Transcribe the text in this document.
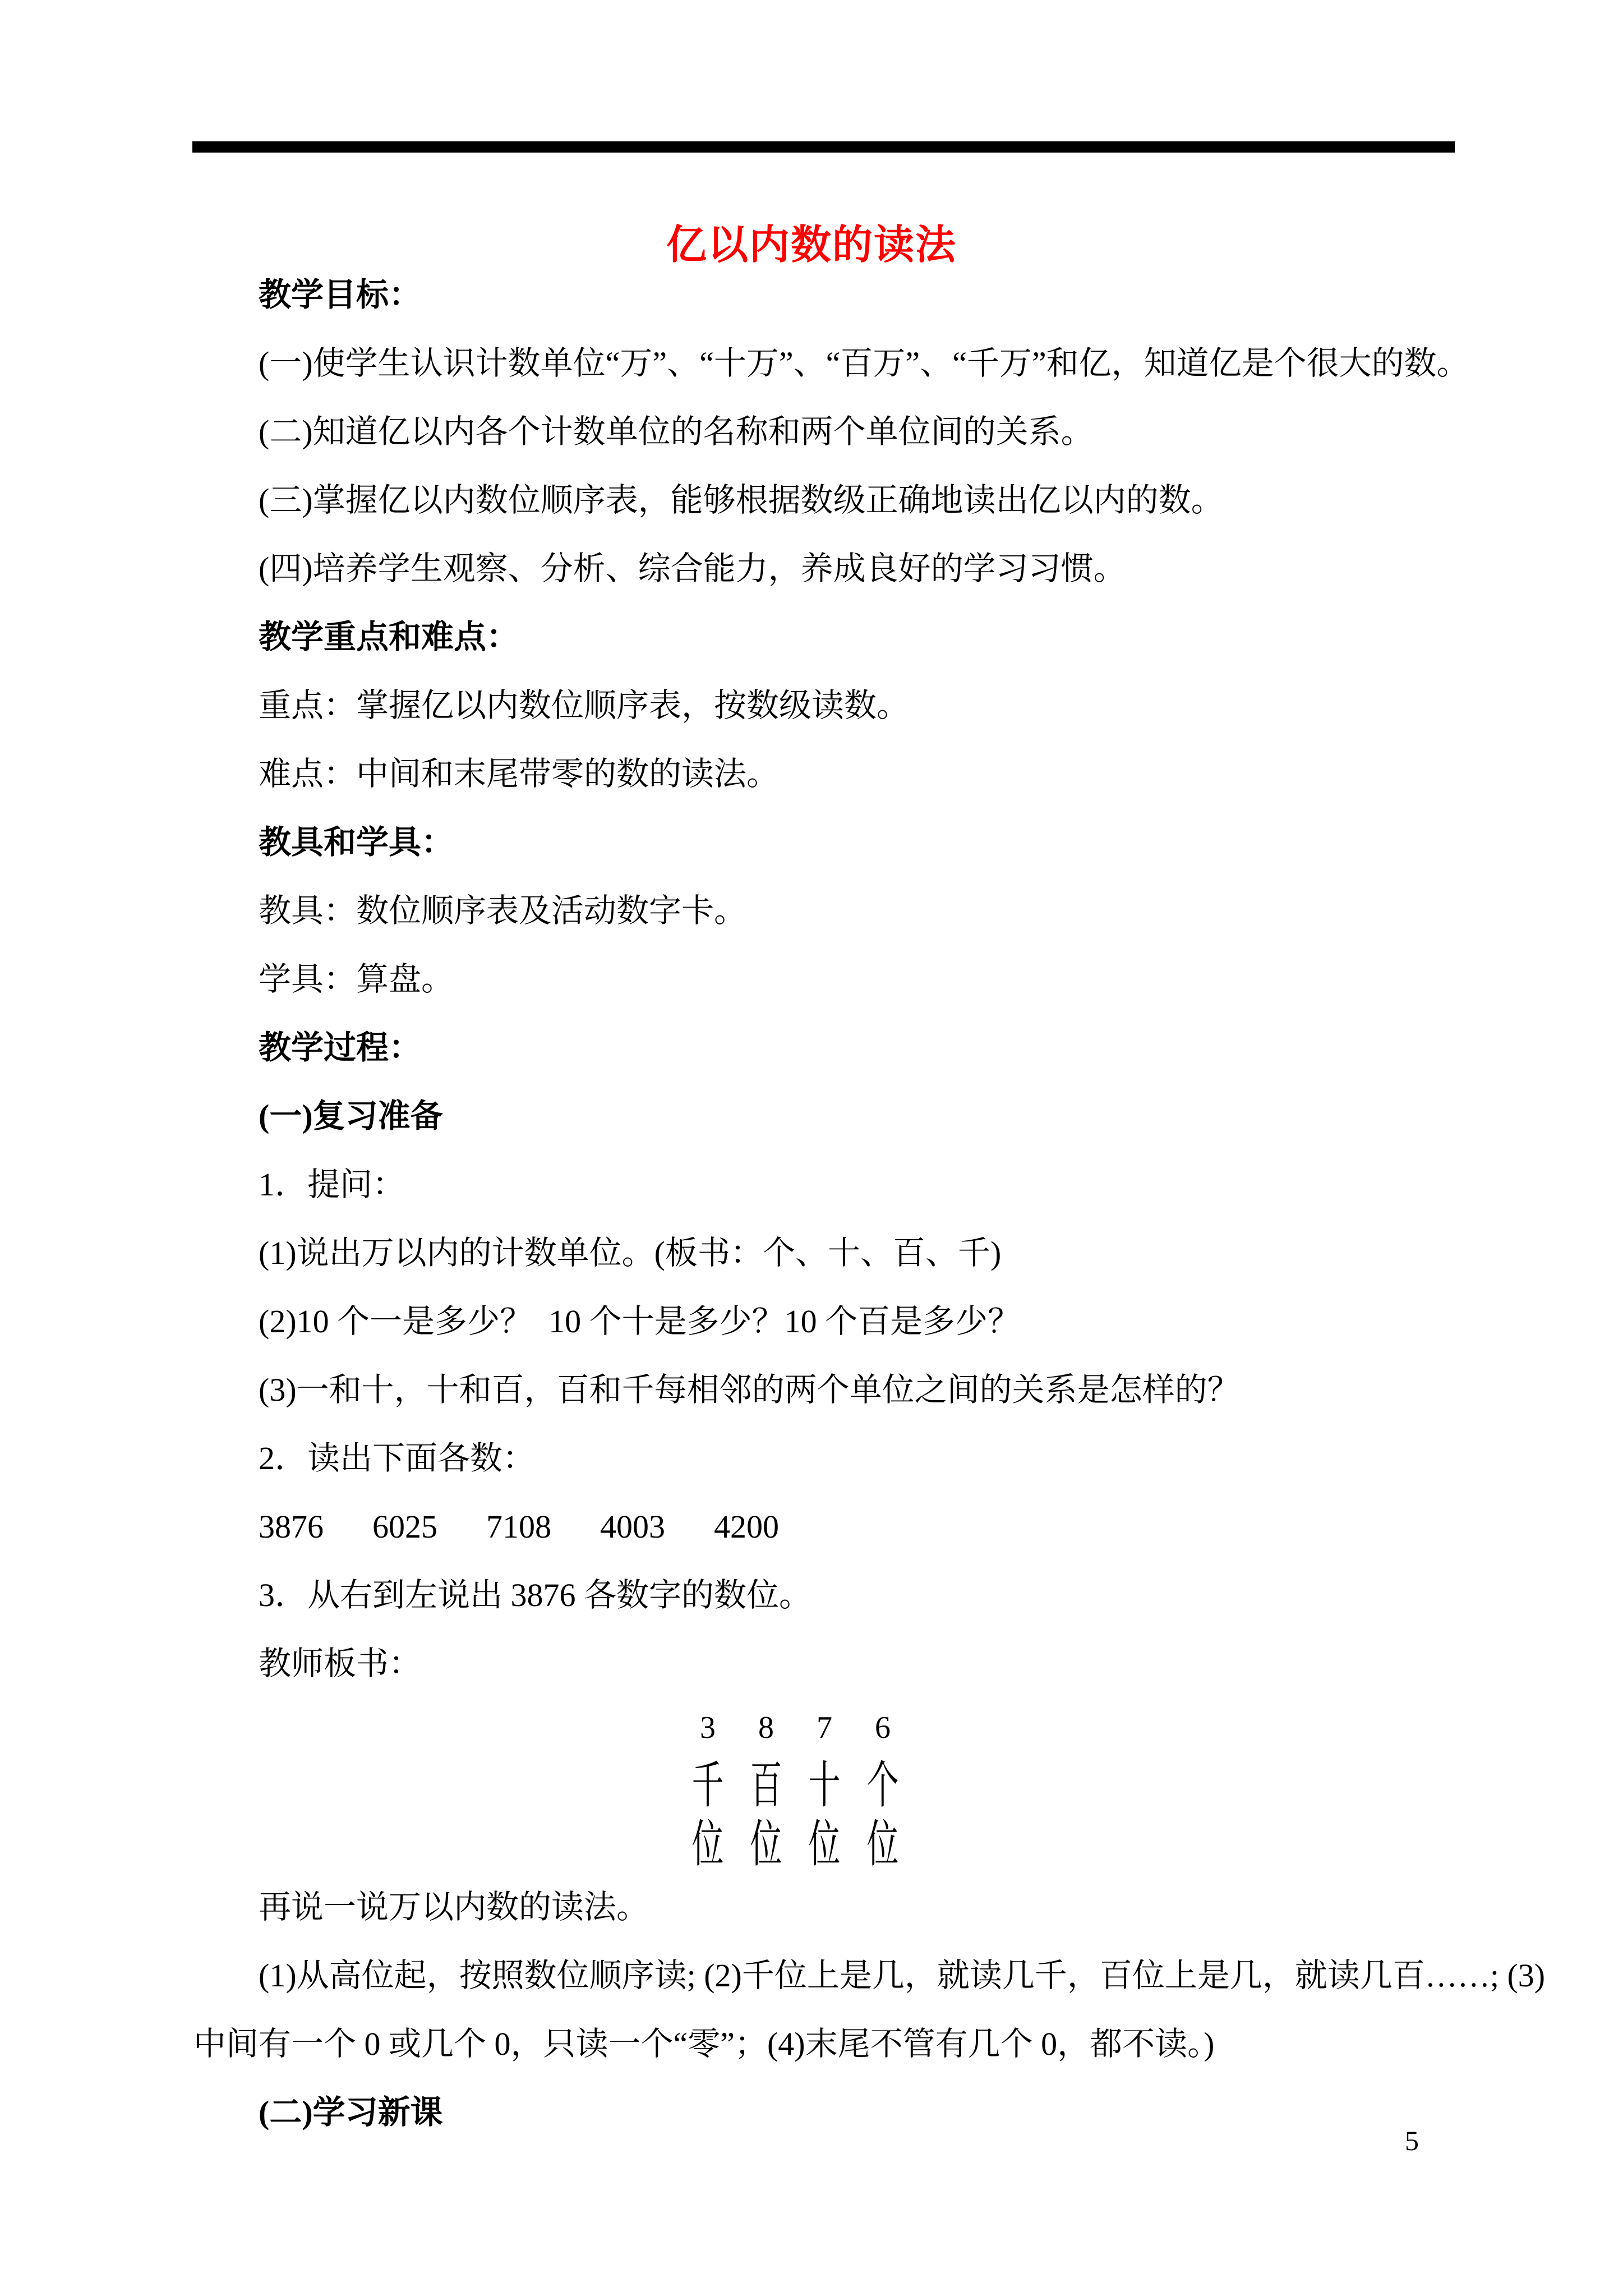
亿以内数的读法

教学目标：

(一)使学生认识计数单位“万”、“十万”、“百万”、“千万”和亿，知道亿是个很大的数。

(二)知道亿以内各个计数单位的名称和两个单位间的关系。

(三)掌握亿以内数位顺序表，能够根据数级正确地读出亿以内的数。

(四)培养学生观察、分析、综合能力，养成良好的学习习惯。

教学重点和难点：

重点：掌握亿以内数位顺序表，按数级读数。

难点：中间和末尾带零的数的读法。

教具和学具：

教具：数位顺序表及活动数字卡。

学具：算盘。

教学过程：

(一)复习准备

1．提问：

(1)说出万以内的计数单位。(板书：个、十、百、千)

(2)10 个一是多少？  10 个十是多少？10 个百是多少？

(3)一和十，十和百，百和千每相邻的两个单位之间的关系是怎样的？

2．读出下面各数：

3876      6025      7108      4003      4200

3．从右到左说出 3876 各数字的数位。

教师板书：

3	8	7	6
千 百 十 个
位 位 位 位

再说一说万以内数的读法。

(1)从高位起，按照数位顺序读; (2)千位上是几，就读几千，百位上是几，就读几百……; (3)

中间有一个 0 或几个 0，只读一个“零”；(4)末尾不管有几个 0，都不读。)

(二)学习新课

5
